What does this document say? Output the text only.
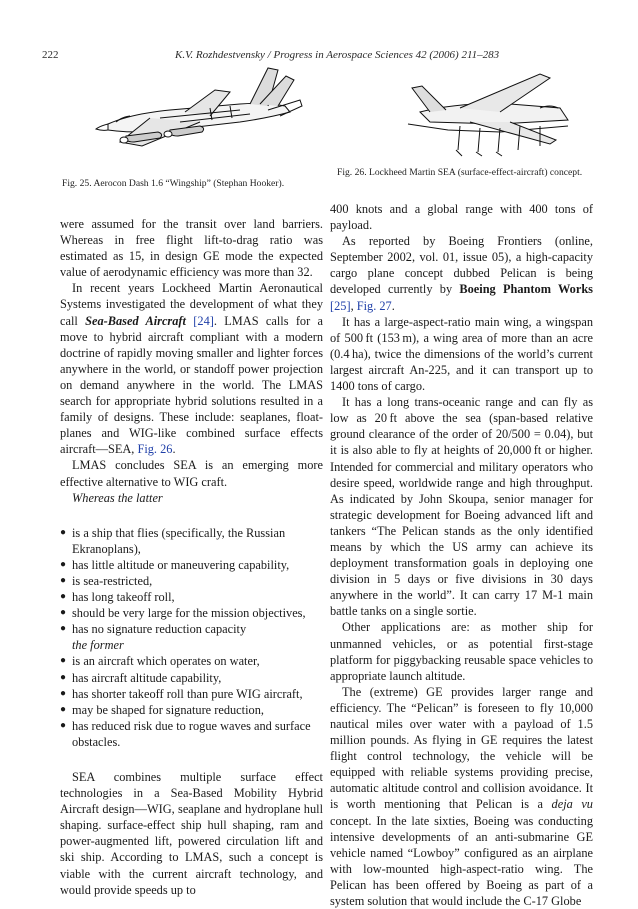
222	K.V. Rozhdestvensky / Progress in Aerospace Sciences 42 (2006) 211–283
Fig. 25. Aerocon Dash 1.6 “Wingship” (Stephan Hooker).
Fig. 26. Lockheed Martin SEA (surface-effect-aircraft) concept.

were assumed for the transit over land barriers. Whereas in free flight lift-to-drag ratio was estimated as 15, in design GE mode the expected value of aerodynamic efficiency was more than 32.

In recent years Lockheed Martin Aeronautical Systems investigated the development of what they call Sea-Based Aircraft [24]. LMAS calls for a move to hybrid aircraft compliant with a modern doctrine of rapidly moving smaller and lighter forces anywhere in the world, or standoff power projection on demand anywhere in the world. The LMAS search for appropriate hybrid solutions resulted in a family of designs. These include: seaplanes, float-planes and WIG-like combined surface effects aircraft—SEA, Fig. 26.

LMAS concludes SEA is an emerging more effective alternative to WIG craft.

Whereas the latter

● is a ship that flies (specifically, the Russian Ekranoplans),
● has little altitude or maneuvering capability,
● is sea-restricted,
● has long takeoff roll,
● should be very large for the mission objectives,
● has no signature reduction capacity
the former
● is an aircraft which operates on water,
● has aircraft altitude capability,
● has shorter takeoff roll than pure WIG aircraft,
● may be shaped for signature reduction,
● has reduced risk due to rogue waves and surface obstacles.

SEA combines multiple surface effect technologies in a Sea-Based Mobility Hybrid Aircraft design—WIG, seaplane and hydroplane hull shaping. surface-effect ship hull shaping, ram and power-augmented lift, powered circulation lift and ski ship. According to LMAS, such a concept is viable with the current aircraft technology, and would provide speeds up to

400 knots and a global range with 400 tons of payload.

As reported by Boeing Frontiers (online, September 2002, vol. 01, issue 05), a high-capacity cargo plane concept dubbed Pelican is being developed currently by Boeing Phantom Works [25], Fig. 27.

It has a large-aspect-ratio main wing, a wingspan of 500 ft (153 m), a wing area of more than an acre (0.4 ha), twice the dimensions of the world’s current largest aircraft An-225, and it can transport up to 1400 tons of cargo.

It has a long trans-oceanic range and can fly as low as 20 ft above the sea (span-based relative ground clearance of the order of 20/500 = 0.04), but it is also able to fly at heights of 20,000 ft or higher. Intended for commercial and military operators who desire speed, worldwide range and high throughput. As indicated by John Skoupa, senior manager for strategic development for Boeing advanced lift and tankers “The Pelican stands as the only identified means by which the US army can achieve its deployment transformation goals in deploying one division in 5 days or five divisions in 30 days anywhere in the world”. It can carry 17 M-1 main battle tanks on a single sortie.

Other applications are: as mother ship for unmanned vehicles, or as potential first-stage platform for piggybacking reusable space vehicles to appropriate launch altitude.

The (extreme) GE provides larger range and efficiency. The “Pelican” is foreseen to fly 10,000 nautical miles over water with a payload of 1.5 million pounds. As flying in GE requires the latest flight control technology, the vehicle will be equipped with reliable systems providing precise, automatic altitude control and collision avoidance. It is worth mentioning that Pelican is a deja vu concept. In the late sixties, Boeing was conducting intensive developments of an anti-submarine GE vehicle named “Lowboy” configured as an airplane with low-mounted high-aspect-ratio wing. The Pelican has been offered by Boeing as part of a system solution that would include the C-17 Globe
